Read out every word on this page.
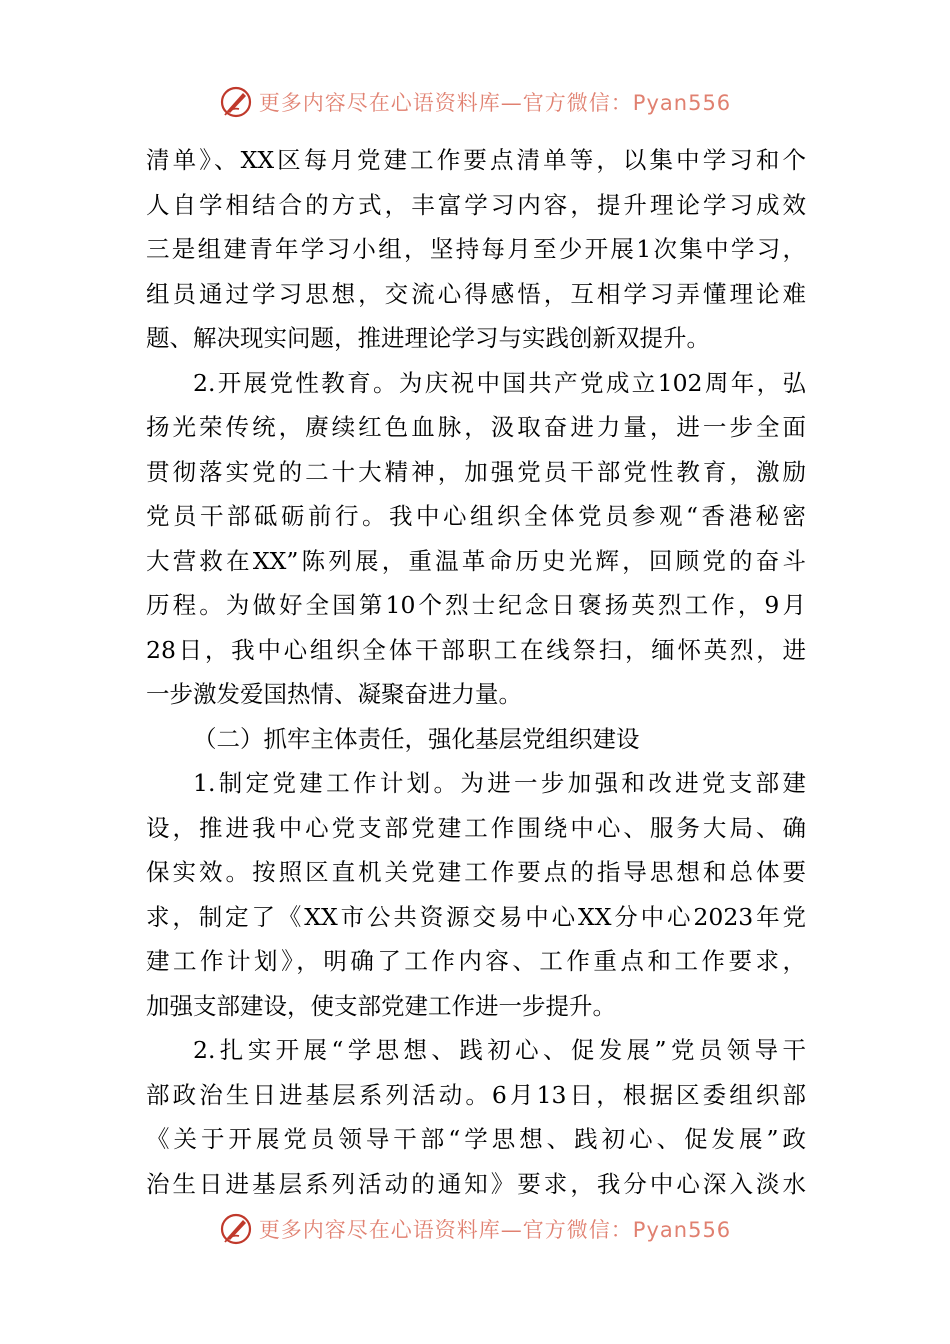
更多内容尽在心语资料库—官方微信：Pyan556
清单》、XX区每月党建工作要点清单等，以集中学习和个
人自学相结合的方式，丰富学习内容，提升理论学习成效
三是组建青年学习小组，坚持每月至少开展1次集中学习，
组员通过学习思想，交流心得感悟，互相学习弄懂理论难
题、解决现实问题，推进理论学习与实践创新双提升。
2.开展党性教育。为庆祝中国共产党成立102周年，弘
扬光荣传统，赓续红色血脉，汲取奋进力量，进一步全面
贯彻落实党的二十大精神，加强党员干部党性教育，激励
党员干部砥砺前行。我中心组织全体党员参观“香港秘密
大营救在XX”陈列展，重温革命历史光辉，回顾党的奋斗
历程。为做好全国第10个烈士纪念日褒扬英烈工作，9月
28日，我中心组织全体干部职工在线祭扫，缅怀英烈，进
一步激发爱国热情、凝聚奋进力量。
（二）抓牢主体责任，强化基层党组织建设
1.制定党建工作计划。为进一步加强和改进党支部建
设，推进我中心党支部党建工作围绕中心、服务大局、确
保实效。按照区直机关党建工作要点的指导思想和总体要
求，制定了《XX市公共资源交易中心XX分中心2023年党
建工作计划》，明确了工作内容、工作重点和工作要求，
加强支部建设，使支部党建工作进一步提升。
2.扎实开展“学思想、践初心、促发展”党员领导干
部政治生日进基层系列活动。6月13日，根据区委组织部
《关于开展党员领导干部“学思想、践初心、促发展”政
治生日进基层系列活动的通知》要求，我分中心深入淡水
更多内容尽在心语资料库—官方微信：Pyan556
